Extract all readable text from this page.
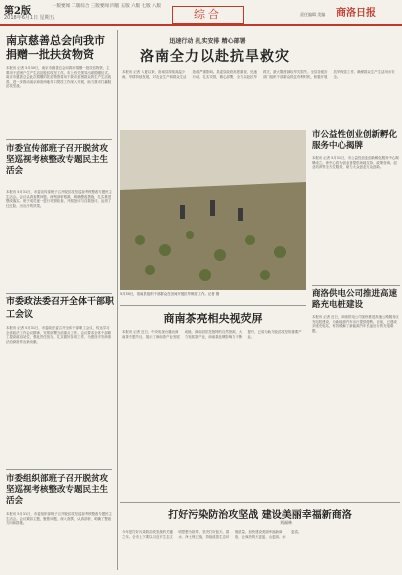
第2版
2018年6月1日 星期五
一版要闻 二版综合 三版要闻 四版 五版 六版 七版 八版
综合	商洛日报
责任编辑 美编
南京慈善总会向我市捐赠一批扶贫物资
本报讯 记者 5月30日，南京市慈善总会向我市捐赠一批扶贫物资，主要用于贫困户生产生活及脱贫攻坚工作。市上有关领导出席捐赠仪式。南京市慈善总会此次捐赠的扶贫物资将用于我市贫困群众的生产生活改善，进一步推动南京商洛两地对口帮扶工作深入开展，助力我市打赢脱贫攻坚战。
市委宣传部班子召开脱贫攻坚巡视考核整改专题民主生活会
本报讯 5月31日，市委宣传部班子召开脱贫攻坚巡视考核整改专题民主生活会。会议认真查摆问题，深刻剖析根源，明确整改措施，扎实推进整改落实。班子成员逐一进行对照检查，开展批评与自我批评，达到了红红脸、出出汗的效果。
市委政法委召开全体干部职工会议
本报讯 记者 5月31日，市委政法委召开全体干部职工会议，传达学习全省政法工作会议精神，安排部署当前重点工作。会议要求全体干部职工提高政治站位，强化责任担当，扎实做好各项工作，为建设平安商洛法治商洛作出新贡献。
市委组织部班子召开脱贫攻坚巡视考核整改专题民主生活会
本报讯 5月31日，市委组织部班子召开脱贫攻坚巡视考核整改专题民主生活会。会议紧扣主题，聚焦问题，深入查摆，认真剖析，明确了整改方向和措施。
迅速行动 扎实安排 精心部署
洛南全力以赴抗旱救灾
本报讯 记者 入夏以来，洛南县持续高温少雨，旱情持续发展，对农业生产和群众生活造成严重影响。县委县政府高度重视，迅速行动，扎实安排，精心部署，全力以赴抗旱救灾，最大限度减轻旱灾损失。全县各级各部门组织干部群众抓住有利时机，积极开展抗旱保苗工作，确保群众生产生活用水安全。
5月30日，洛南县组织干部群众在田间开展抗旱保苗工作。记者 摄
市公益性创业创新孵化服务中心揭牌
本报讯 记者 5月31日，市公益性创业创新孵化服务中心揭牌成立。该中心将为创业者提供场地支持、政策咨询、创业培训等全方位服务，助力大众创业万众创新。
商洛供电公司推进高速路充电桩建设
本报讯 记者 近日，商洛供电公司加快推进高速公路服务区充电桩建设，为新能源汽车出行提供便利。目前，已建成多座充电站，有效缓解了新能源汽车长途出行的充电难题。
商南茶亮相央视荧屏
本报讯 记者 近日，中央电视台播出商南茶专题节目，展示了商南茶产业发展成就。商南县依托独特的自然资源，大力发展茶产业，商南茶品牌影响力不断提升，已成为助力脱贫攻坚的重要产业。
打好污染防治攻坚战 建设美丽幸福新商洛
刘福林
今年是打好污染防治攻坚战的关键之年。全市上下要以习近平生态文明思想为指导，坚决打好蓝天、碧水、净土保卫战，持续改善生态环境质量，加快建设美丽幸福新商洛，让商洛的天更蓝、山更绿、水更清。
